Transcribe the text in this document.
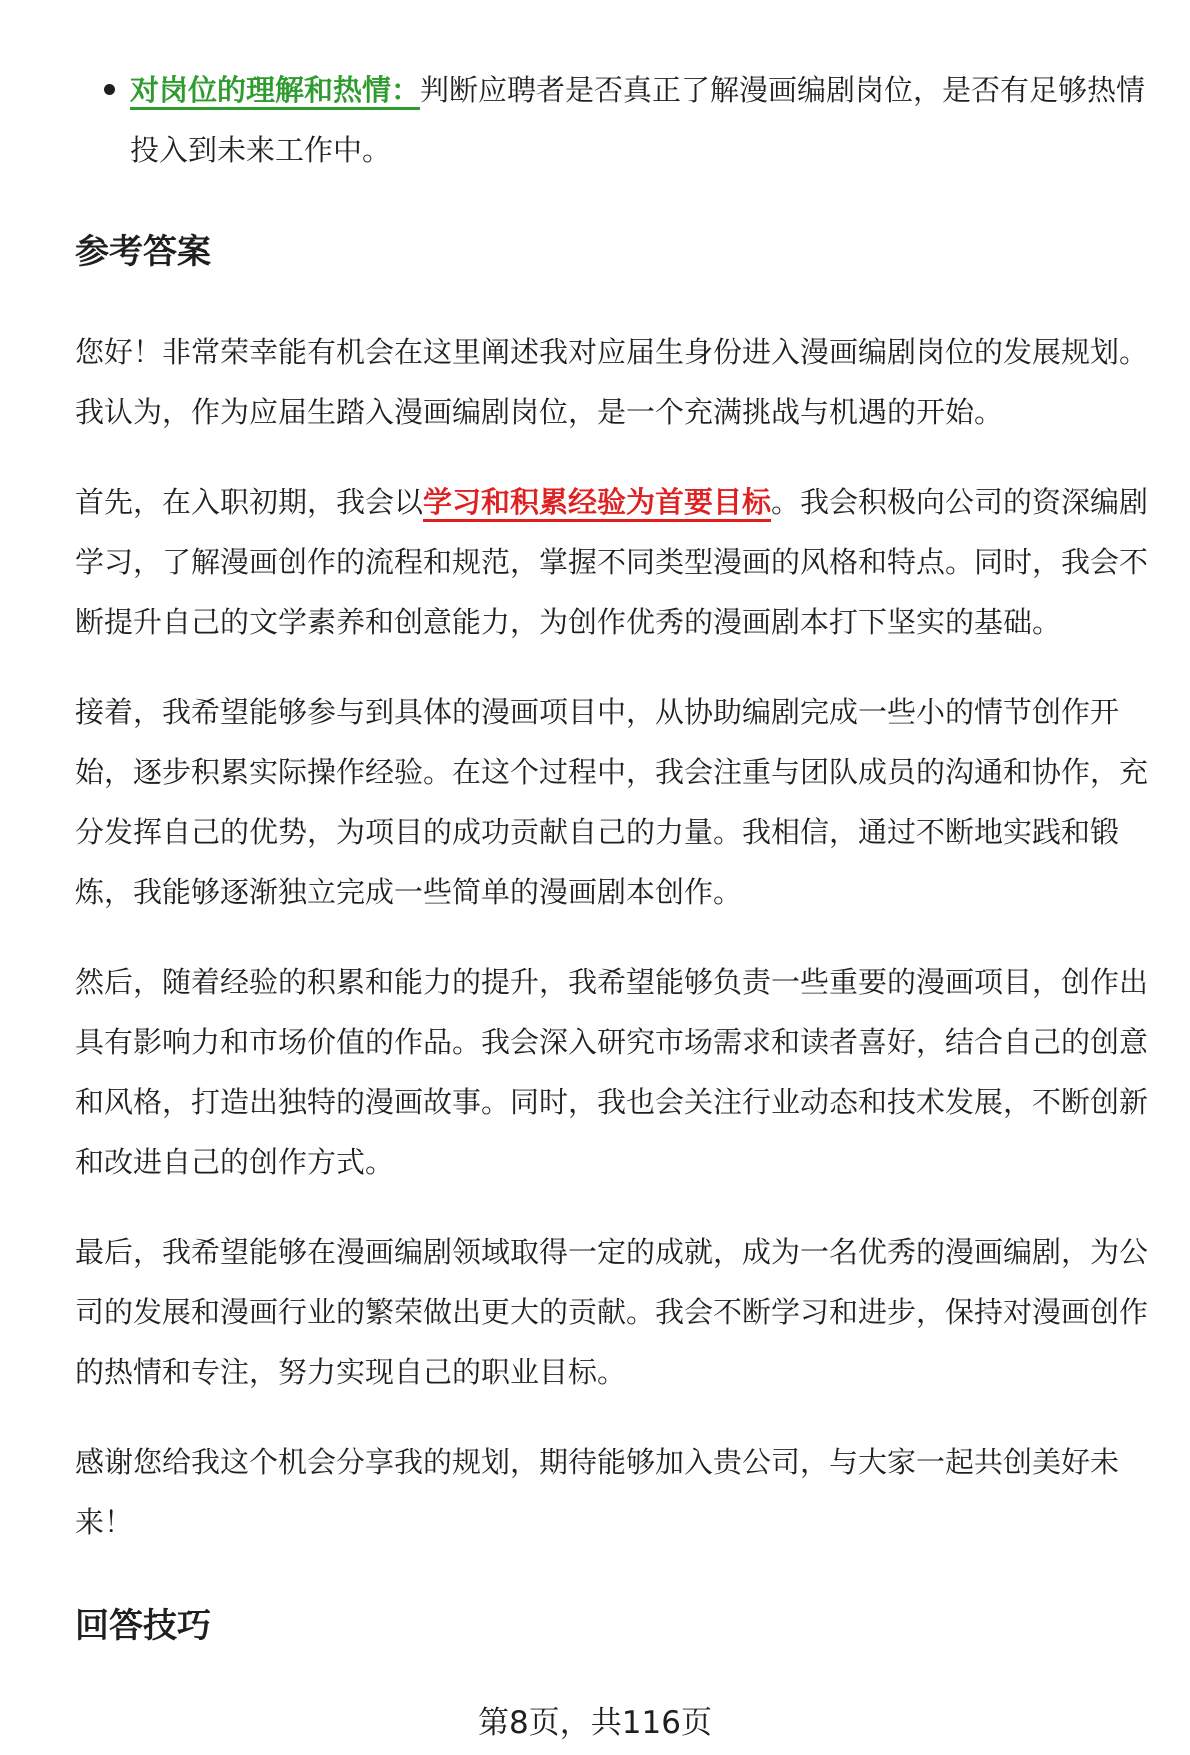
对岗位的理解和热情：判断应聘者是否真正了解漫画编剧岗位，是否有足够热情投入到未来工作中。

参考答案

您好！非常荣幸能有机会在这里阐述我对应届生身份进入漫画编剧岗位的发展规划。我认为，作为应届生踏入漫画编剧岗位，是一个充满挑战与机遇的开始。

首先，在入职初期，我会以学习和积累经验为首要目标。我会积极向公司的资深编剧学习，了解漫画创作的流程和规范，掌握不同类型漫画的风格和特点。同时，我会不断提升自己的文学素养和创意能力，为创作优秀的漫画剧本打下坚实的基础。

接着，我希望能够参与到具体的漫画项目中，从协助编剧完成一些小的情节创作开始，逐步积累实际操作经验。在这个过程中，我会注重与团队成员的沟通和协作，充分发挥自己的优势，为项目的成功贡献自己的力量。我相信，通过不断地实践和锻炼，我能够逐渐独立完成一些简单的漫画剧本创作。

然后，随着经验的积累和能力的提升，我希望能够负责一些重要的漫画项目，创作出具有影响力和市场价值的作品。我会深入研究市场需求和读者喜好，结合自己的创意和风格，打造出独特的漫画故事。同时，我也会关注行业动态和技术发展，不断创新和改进自己的创作方式。

最后，我希望能够在漫画编剧领域取得一定的成就，成为一名优秀的漫画编剧，为公司的发展和漫画行业的繁荣做出更大的贡献。我会不断学习和进步，保持对漫画创作的热情和专注，努力实现自己的职业目标。

感谢您给我这个机会分享我的规划，期待能够加入贵公司，与大家一起共创美好未来！

回答技巧
第8页，共116页
